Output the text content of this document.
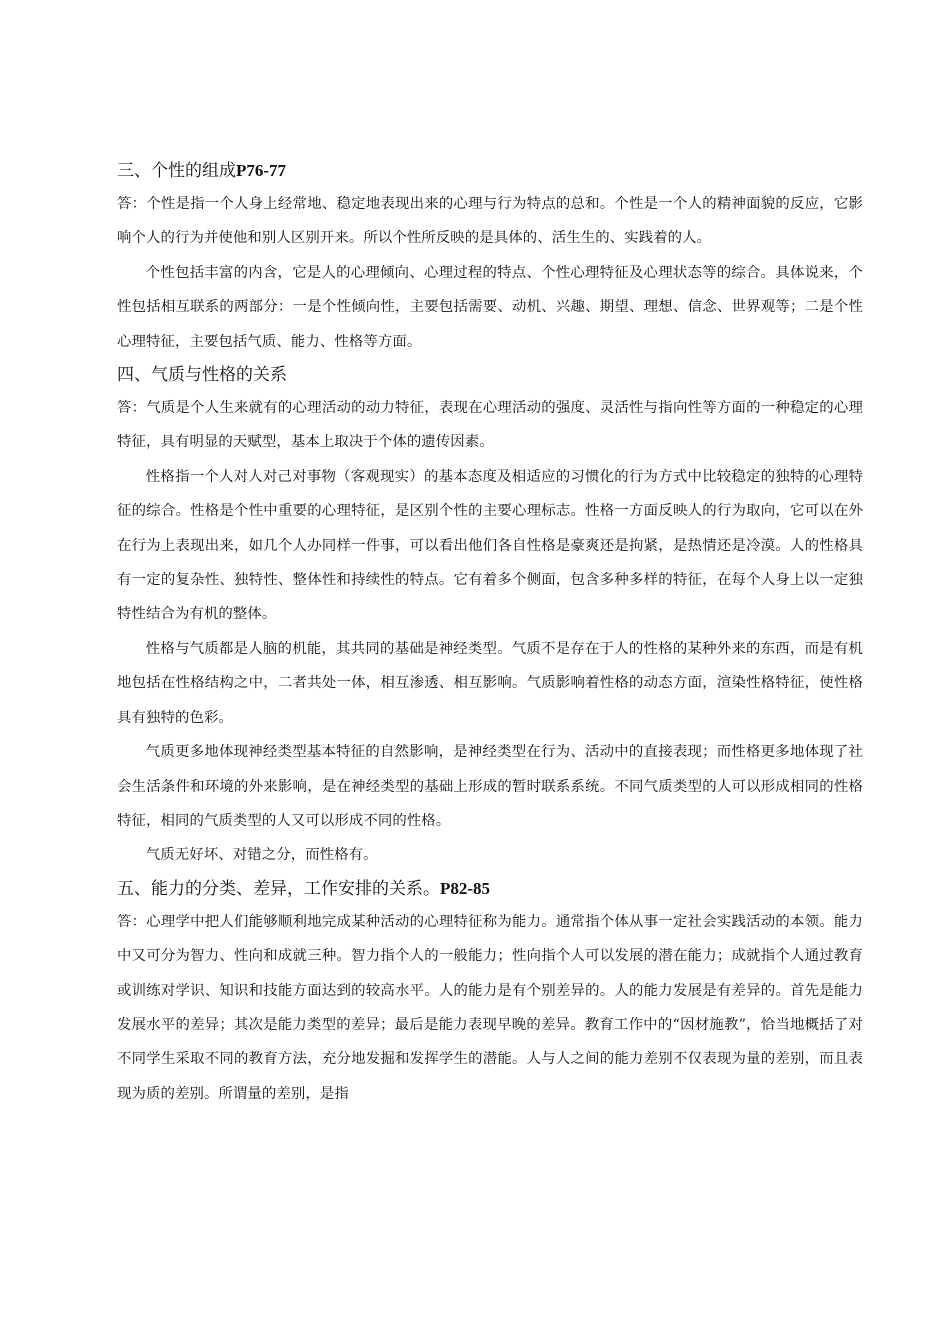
三、个性的组成P76-77

答：个性是指一个人身上经常地、稳定地表现出来的心理与行为特点的总和。个性是一个人的精神面貌的反应，它影响个人的行为并使他和别人区别开来。所以个性所反映的是具体的、活生生的、实践着的人。

个性包括丰富的内含，它是人的心理倾向、心理过程的特点、个性心理特征及心理状态等的综合。具体说来，个性包括相互联系的两部分：一是个性倾向性，主要包括需要、动机、兴趣、期望、理想、信念、世界观等；二是个性心理特征，主要包括气质、能力、性格等方面。

四、气质与性格的关系

答：气质是个人生来就有的心理活动的动力特征，表现在心理活动的强度、灵活性与指向性等方面的一种稳定的心理特征，具有明显的天赋型，基本上取决于个体的遗传因素。

性格指一个人对人对己对事物（客观现实）的基本态度及相适应的习惯化的行为方式中比较稳定的独特的心理特征的综合。性格是个性中重要的心理特征，是区别个性的主要心理标志。性格一方面反映人的行为取向，它可以在外在行为上表现出来，如几个人办同样一件事，可以看出他们各自性格是豪爽还是拘紧，是热情还是冷漠。人的性格具有一定的复杂性、独特性、整体性和持续性的特点。它有着多个侧面，包含多种多样的特征，在每个人身上以一定独特性结合为有机的整体。

性格与气质都是人脑的机能，其共同的基础是神经类型。气质不是存在于人的性格的某种外来的东西，而是有机地包括在性格结构之中，二者共处一体，相互渗透、相互影响。气质影响着性格的动态方面，渲染性格特征，使性格具有独特的色彩。

气质更多地体现神经类型基本特征的自然影响，是神经类型在行为、活动中的直接表现；而性格更多地体现了社会生活条件和环境的外来影响，是在神经类型的基础上形成的暂时联系系统。不同气质类型的人可以形成相同的性格特征，相同的气质类型的人又可以形成不同的性格。

气质无好坏、对错之分，而性格有。

五、能力的分类、差异，工作安排的关系。P82-85

答：心理学中把人们能够顺利地完成某种活动的心理特征称为能力。通常指个体从事一定社会实践活动的本领。能力中又可分为智力、性向和成就三种。智力指个人的一般能力；性向指个人可以发展的潜在能力；成就指个人通过教育或训练对学识、知识和技能方面达到的较高水平。人的能力是有个别差异的。人的能力发展是有差异的。首先是能力发展水平的差异；其次是能力类型的差异；最后是能力表现早晚的差异。教育工作中的“因材施教”，恰当地概括了对不同学生采取不同的教育方法，充分地发掘和发挥学生的潜能。人与人之间的能力差别不仅表现为量的差别，而且表现为质的差别。所谓量的差别，是指
